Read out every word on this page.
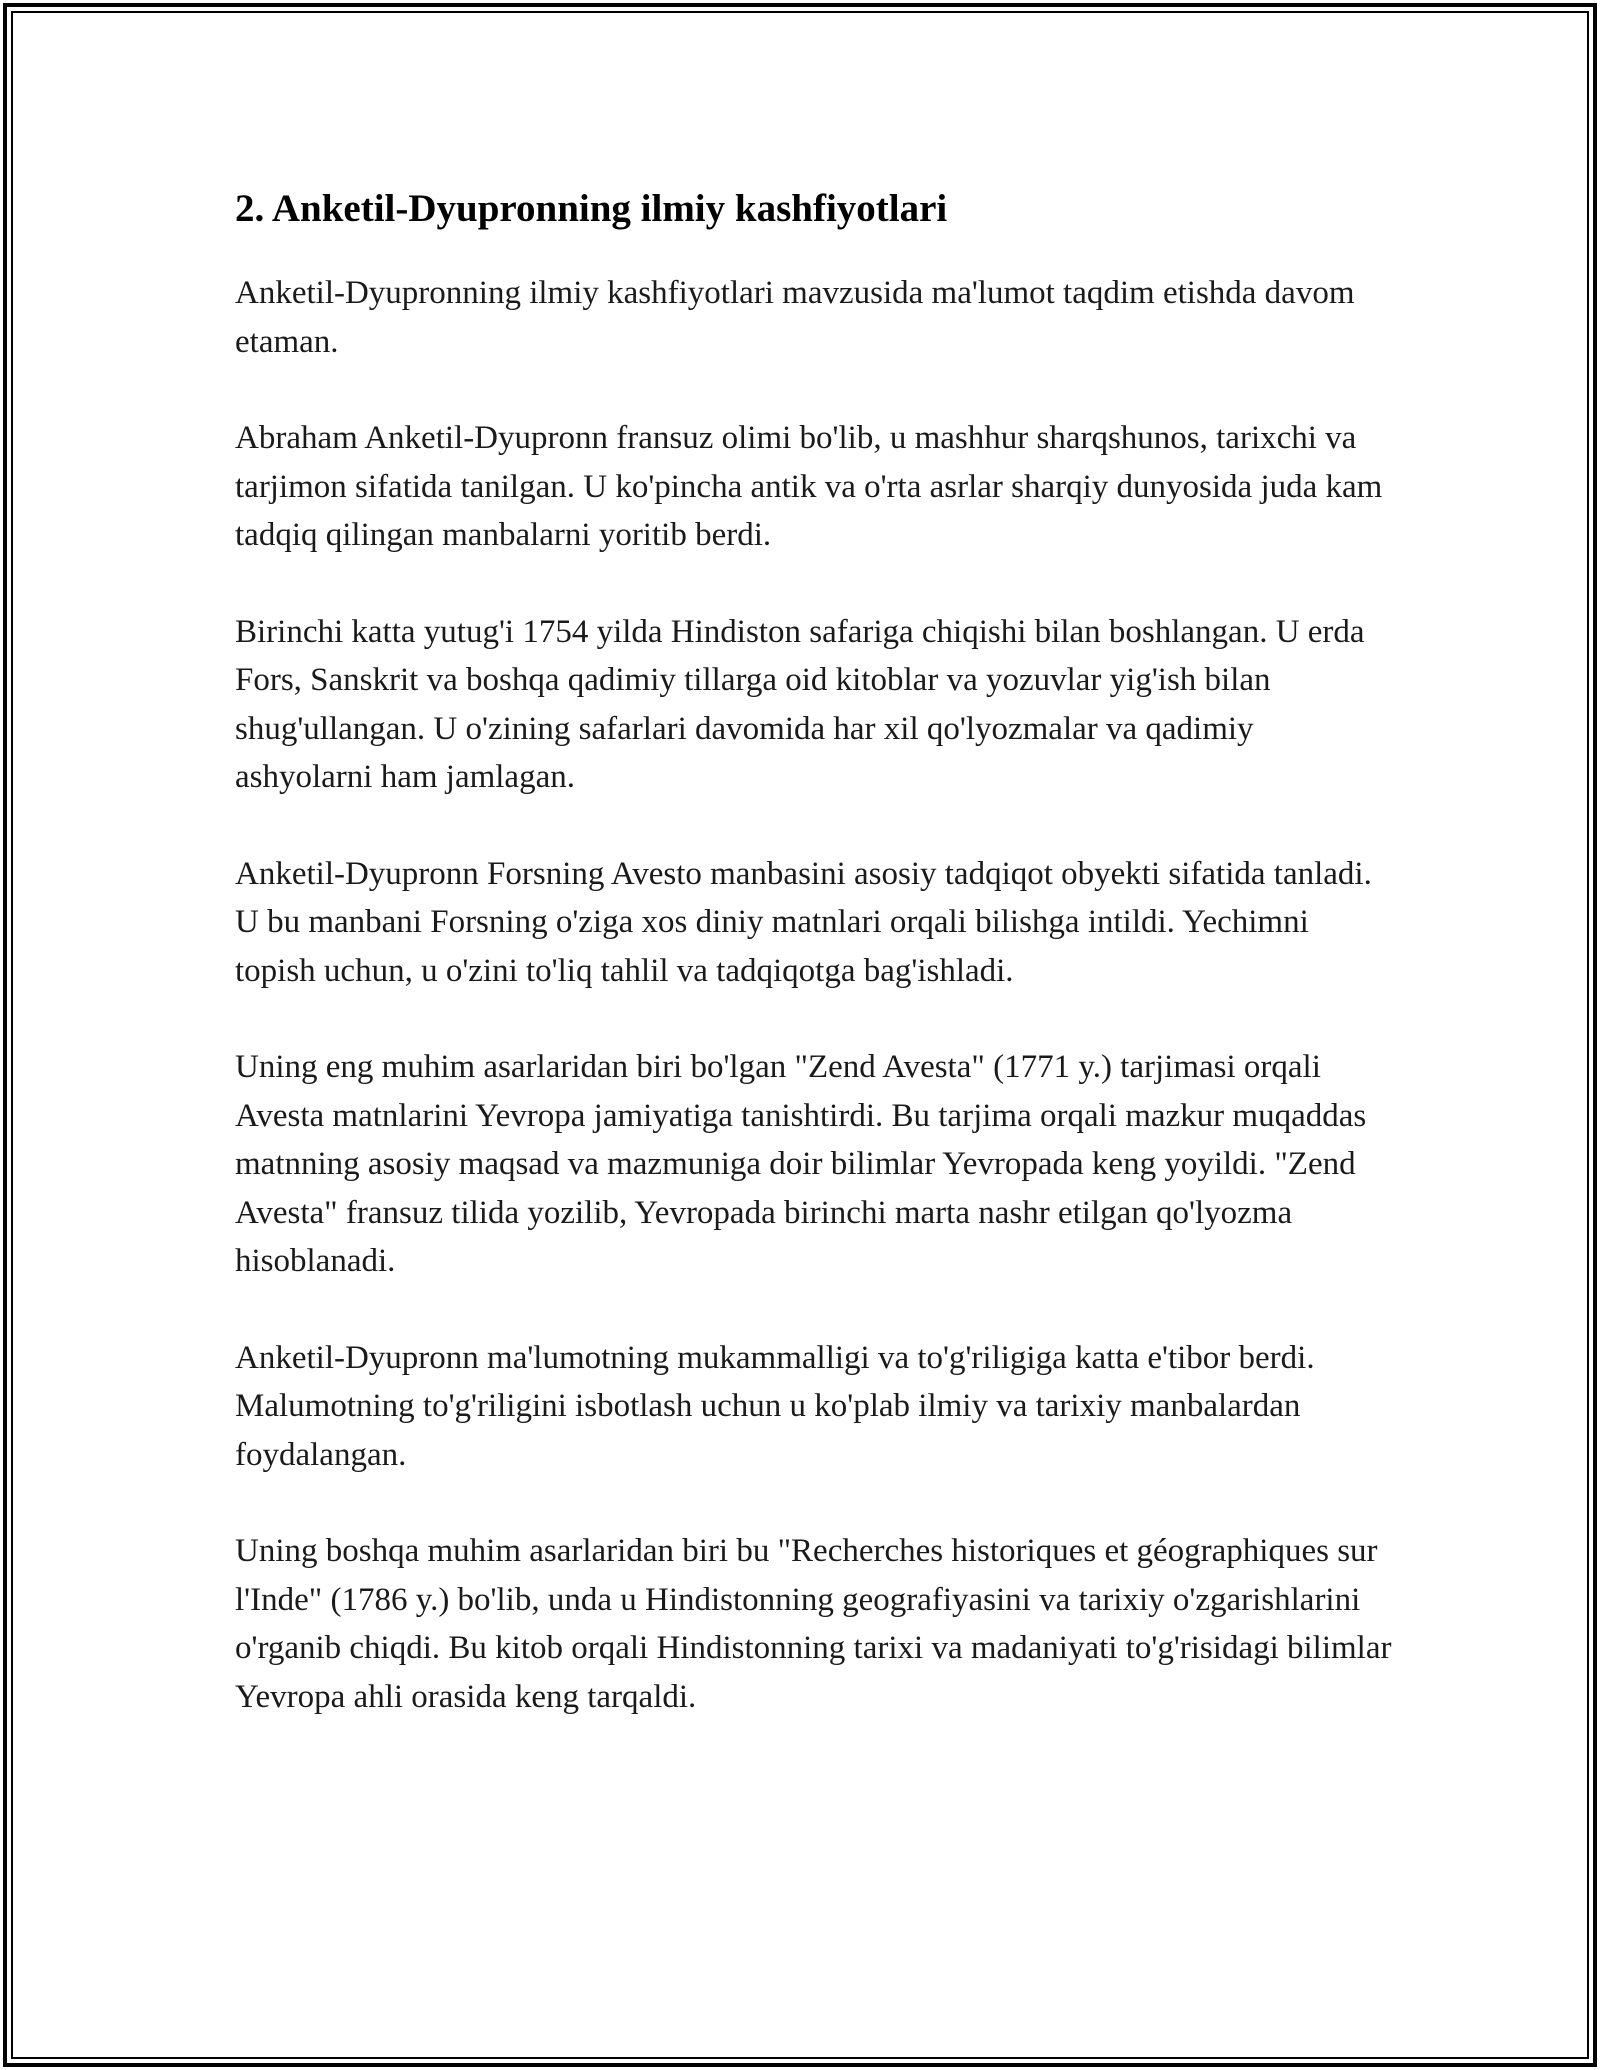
2. Anketil-Dyupronning ilmiy kashfiyotlari

Anketil-Dyupronning ilmiy kashfiyotlari mavzusida ma'lumot taqdim etishda davom etaman.

Abraham Anketil-Dyupronn fransuz olimi bo'lib, u mashhur sharqshunos, tarixchi va tarjimon sifatida tanilgan. U ko'pincha antik va o'rta asrlar sharqiy dunyosida juda kam tadqiq qilingan manbalarni yoritib berdi.

Birinchi katta yutug'i 1754 yilda Hindiston safariga chiqishi bilan boshlangan. U erda Fors, Sanskrit va boshqa qadimiy tillarga oid kitoblar va yozuvlar yig'ish bilan shug'ullangan. U o'zining safarlari davomida har xil qo'lyozmalar va qadimiy ashyolarni ham jamlagan.

Anketil-Dyupronn Forsning Avesto manbasini asosiy tadqiqot obyekti sifatida tanladi. U bu manbani Forsning o'ziga xos diniy matnlari orqali bilishga intildi. Yechimni topish uchun, u o'zini to'liq tahlil va tadqiqotga bag'ishladi.

Uning eng muhim asarlaridan biri bo'lgan "Zend Avesta" (1771 y.) tarjimasi orqali Avesta matnlarini Yevropa jamiyatiga tanishtirdi. Bu tarjima orqali mazkur muqaddas matnning asosiy maqsad va mazmuniga doir bilimlar Yevropada keng yoyildi. "Zend Avesta" fransuz tilida yozilib, Yevropada birinchi marta nashr etilgan qo'lyozma hisoblanadi.

Anketil-Dyupronn ma'lumotning mukammalligi va to'g'riligiga katta e'tibor berdi. Malumotning to'g'riligini isbotlash uchun u ko'plab ilmiy va tarixiy manbalardan foydalangan.

Uning boshqa muhim asarlaridan biri bu "Recherches historiques et géographiques sur l'Inde" (1786 y.) bo'lib, unda u Hindistonning geografiyasini va tarixiy o'zgarishlarini o'rganib chiqdi. Bu kitob orqali Hindistonning tarixi va madaniyati to'g'risidagi bilimlar Yevropa ahli orasida keng tarqaldi.
